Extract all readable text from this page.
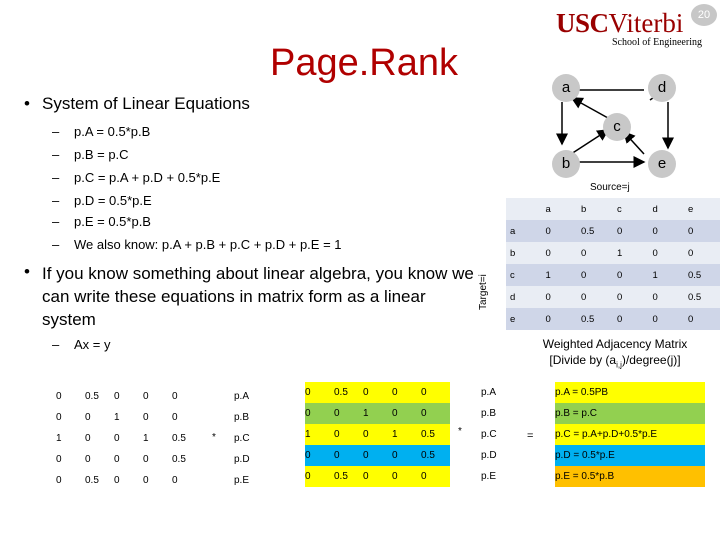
20
USCViterbi
School of Engineering
Page.Rank
• System of Linear Equations
– p.A = 0.5*p.B
– p.B = p.C
– p.C = p.A + p.D + 0.5*p.E
– p.D = 0.5*p.E
– p.E = 0.5*p.B
– We also know: p.A + p.B + p.C + p.D + p.E = 1
• If you know something about linear algebra, you know we can write these equations in matrix form as a linear system
– Ax = y
a	d
c
b	e
Source=j
Target=i
	a	b	c	d	e
a	0	0.5	0	0	0
b	0	0	1	0	0
c	1	0	0	1	0.5
d	0	0	0	0	0.5
e	0	0.5	0	0	0
Weighted Adjacency Matrix
[Divide by $(a_{i,j})/degree(j)$]
0	0.5	0	0	0
0	0	1	0	0
1	0	0	1	0.5
0	0	0	0	0.5
0	0.5	0	0	0
*
p.A
p.B
p.C
p.D
p.E
0	0.5	0	0	0
0	0	1	0	0
1	0	0	1	0.5
0	0	0	0	0.5
0	0.5	0	0	0
*
p.A
p.B
p.C
p.D
p.E
=
p.A = 0.5PB
p.B = p.C
p.C = p.A+p.D+0.5*p.E
p.D = 0.5*p.E
p.E = 0.5*p.B
